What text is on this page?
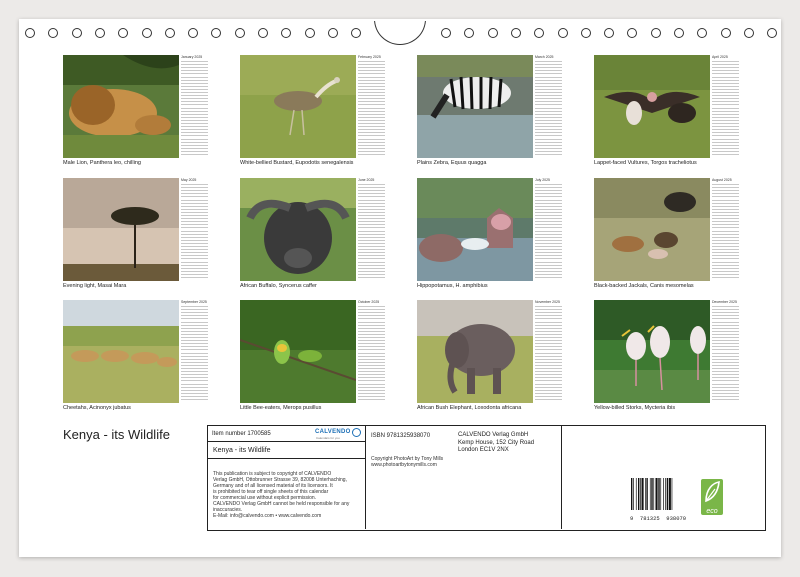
January 2025
Male Lion, Panthera leo, chilling
February 2025
White-bellied Bustard, Eupodotis senegalensis
March 2025
Plains Zebra, Equus quagga
April 2025
Lappet-faced Vultures, Torgos tracheliotus
May 2025
Evening light, Masai Mara
June 2025
African Buffalo, Syncerus caffer
July 2025
Hippopotamus, H. amphibius
August 2025
Black-backed Jackals, Canis mesomelas
September 2025
Cheetahs, Acinonyx jubatus
October 2025
Little Bee-eaters, Merops pusillus
November 2025
African Bush Elephant, Loxodonta africana
December 2025
Yellow-billed Storks, Mycteria ibis
Kenya - its Wildlife	Item number 1700585	CALVENDO
Calendars for you
Kenya - its Wildlife
This publication is subject to copyright of CALVENDO
Verlag GmbH, Ottobrunner Strasse 39, 82008 Unterhaching,
Germany and of all licensed material of its licensors. It
is prohibited to tear off single sheets of this calendar
for commercial use without explicit permission.
CALVENDO Verlag GmbH cannot be held responsible for any
inaccuracies.
E-Mail: info@calvendo.com • www.calvendo.com
ISBN 9781325938070	CALVENDO Verlag GmbH
Kemp House, 152 City Road
London EC1V 2NX
Copyright PhotoArt by Tony Mills
www.photoartbytonymills.com
9  781325  938070
eco
